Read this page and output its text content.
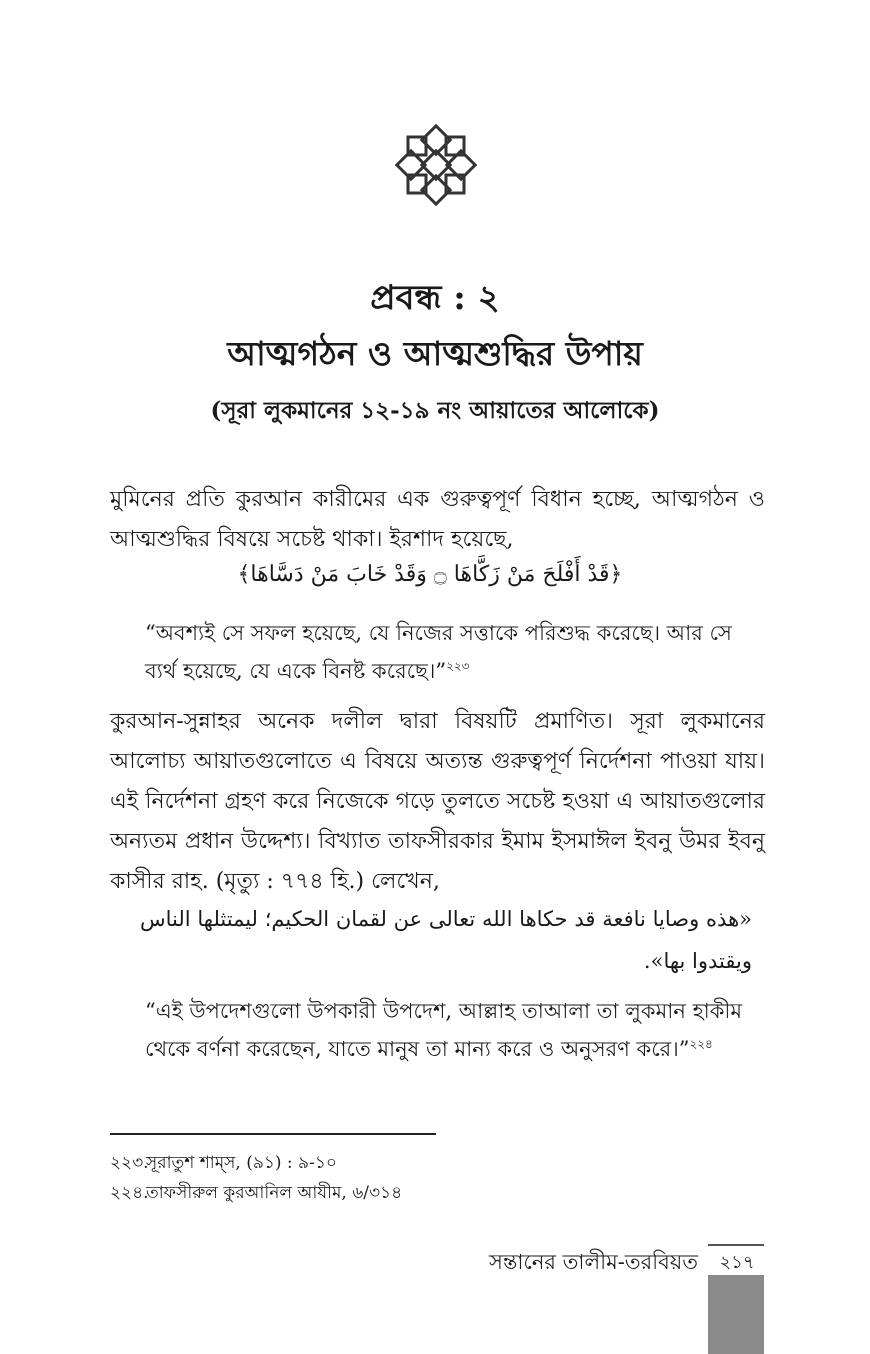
প্রবন্ধ : ২
আত্মগঠন ও আত্মশুদ্ধির উপায়
(সূরা লুকমানের ১২-১৯ নং আয়াতের আলোকে)

মুমিনের প্রতি কুরআন কারীমের এক গুরুত্বপূর্ণ বিধান হচ্ছে, আত্মগঠন ও আত্মশুদ্ধির বিষয়ে সচেষ্ট থাকা। ইরশাদ হয়েছে,

﴿قَدْ أَفْلَحَ مَنْ زَكَّاهَا ۝ وَقَدْ خَابَ مَنْ دَسَّاهَا﴾

“অবশ্যই সে সফল হয়েছে, যে নিজের সত্তাকে পরিশুদ্ধ করেছে। আর সে ব্যর্থ হয়েছে, যে একে বিনষ্ট করেছে।”$^{২২৩}$

কুরআন-সুন্নাহর অনেক দলীল দ্বারা বিষয়টি প্রমাণিত। সূরা লুকমানের আলোচ্য আয়াতগুলোতে এ বিষয়ে অত্যন্ত গুরুত্বপূর্ণ নির্দেশনা পাওয়া যায়। এই নির্দেশনা গ্রহণ করে নিজেকে গড়ে তুলতে সচেষ্ট হওয়া এ আয়াতগুলোর অন্যতম প্রধান উদ্দেশ্য। বিখ্যাত তাফসীরকার ইমাম ইসমাঈল ইবনু উমর ইবনু কাসীর রাহ. (মৃত্যু : ৭৭৪ হি.) লেখেন,

«هذه وصايا نافعة قد حكاها الله تعالى عن لقمان الحكيم؛ ليمتثلها الناس ويقتدوا بها».

“এই উপদেশগুলো উপকারী উপদেশ, আল্লাহ তাআলা তা লুকমান হাকীম থেকে বর্ণনা করেছেন, যাতে মানুষ তা মান্য করে ও অনুসরণ করে।”$^{২২৪}$

২২৩.সূরাতুশ শাম্‌স, (৯১) : ৯-১০
২২৪.তাফসীরুল কুরআনিল আযীম, ৬/৩১৪
সন্তানের তালীম-তরবিয়ত	২১৭
